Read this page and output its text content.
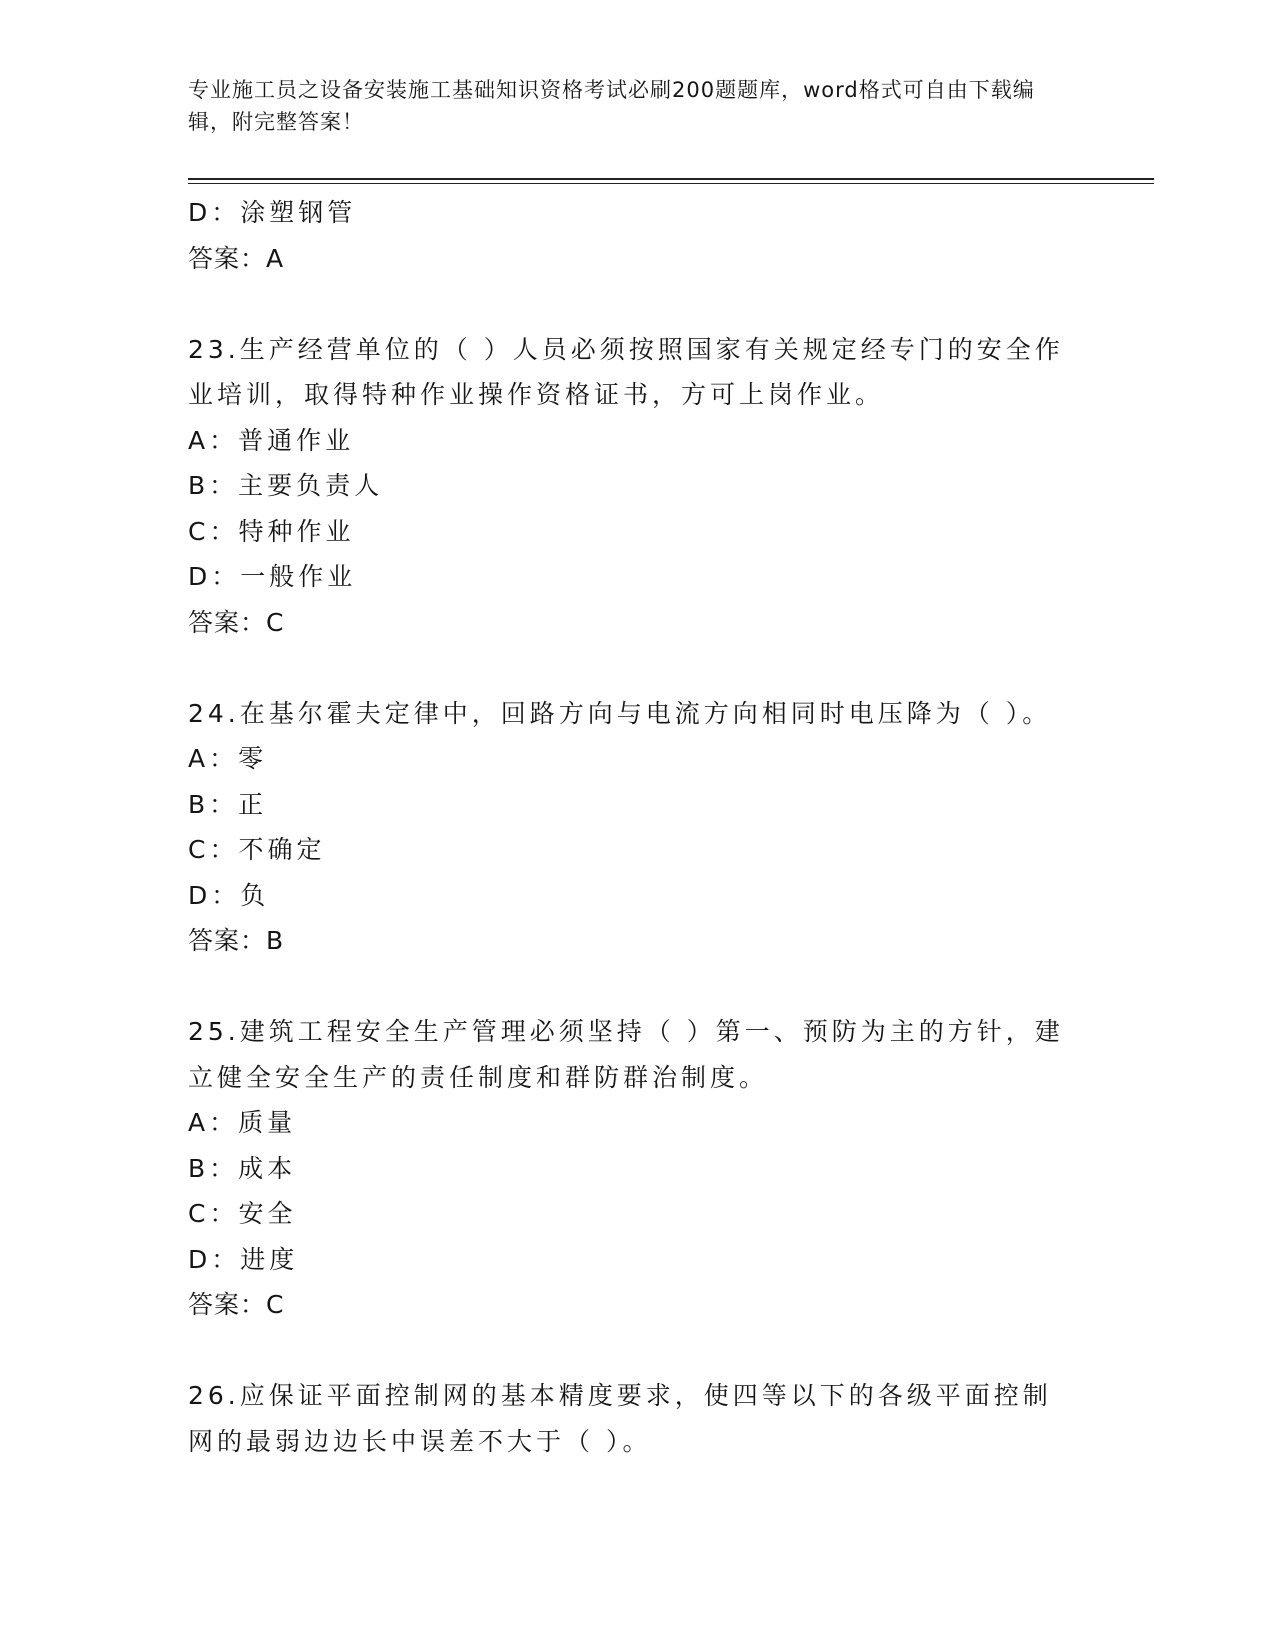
专业施工员之设备安装施工基础知识资格考试必刷200题题库，word格式可自由下载编辑，附完整答案！
D：涂塑钢管
答案：A
23.生产经营单位的（ ）人员必须按照国家有关规定经专门的安全作业培训，取得特种作业操作资格证书，方可上岗作业。
A：普通作业
B：主要负责人
C：特种作业
D：一般作业
答案：C
24.在基尔霍夫定律中，回路方向与电流方向相同时电压降为（ ）。
A：零
B：正
C：不确定
D：负
答案：B
25.建筑工程安全生产管理必须坚持（ ）第一、预防为主的方针，建立健全安全生产的责任制度和群防群治制度。
A：质量
B：成本
C：安全
D：进度
答案：C
26.应保证平面控制网的基本精度要求，使四等以下的各级平面控制网的最弱边边长中误差不大于（ ）。
